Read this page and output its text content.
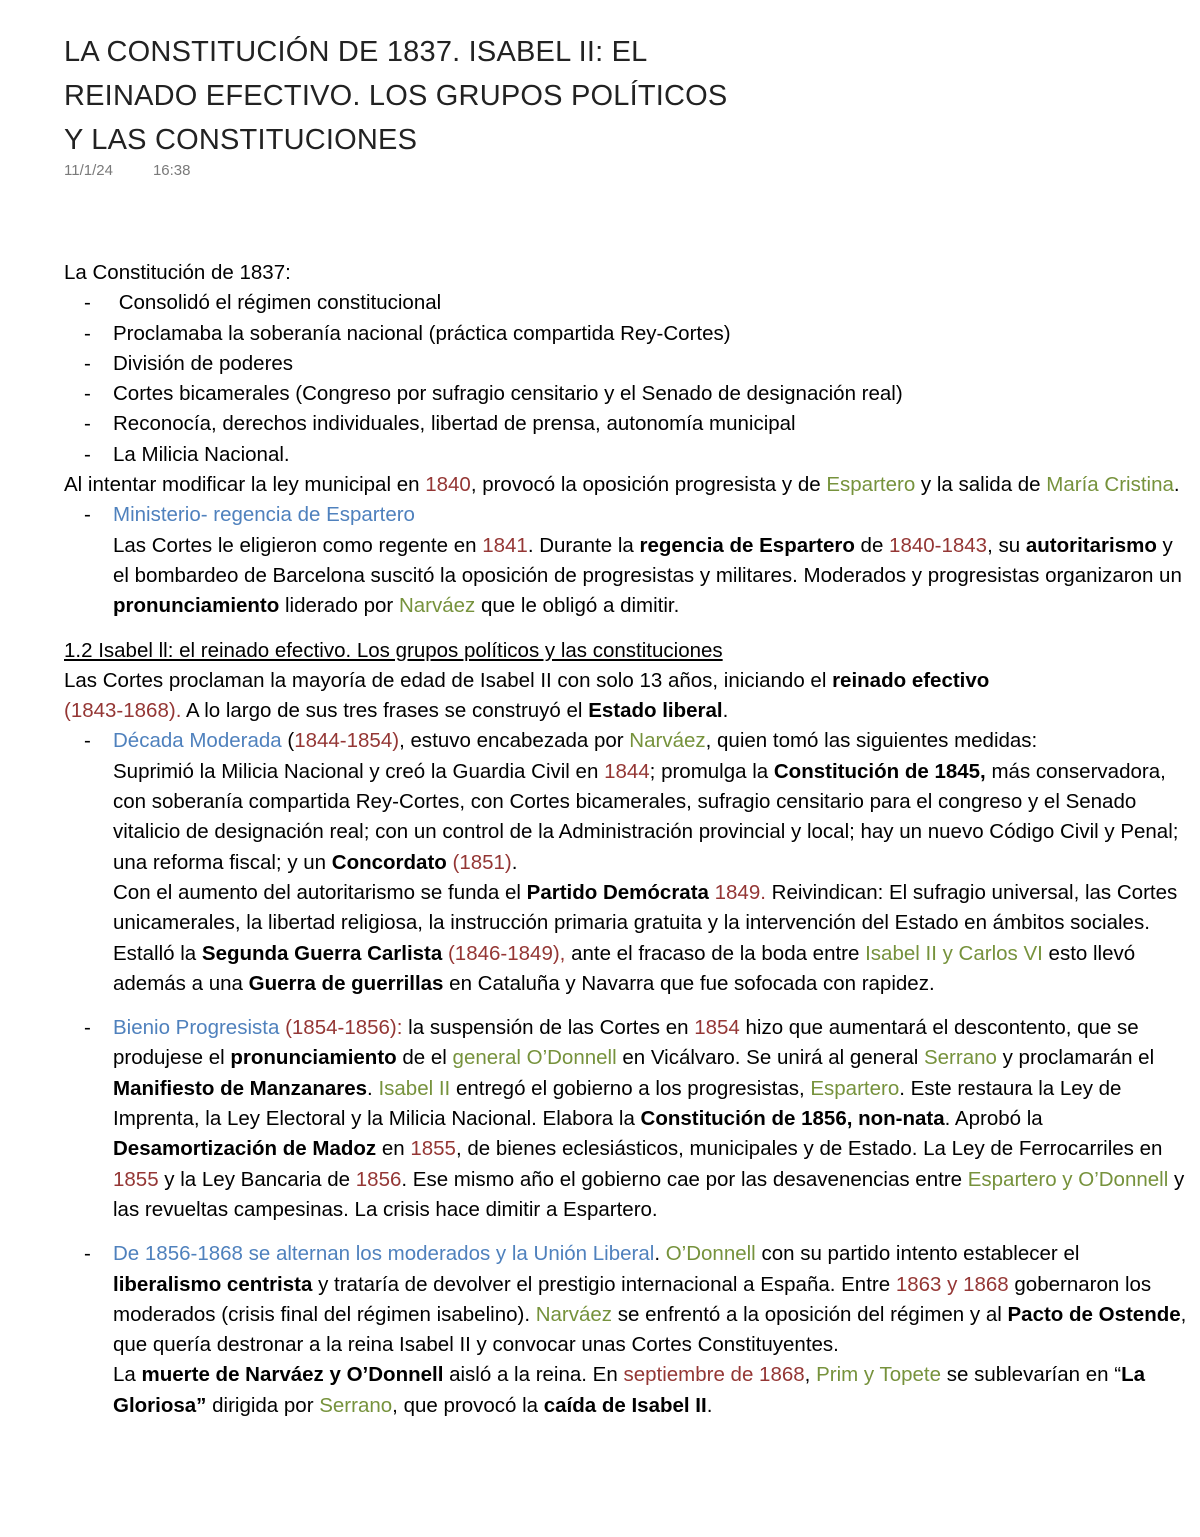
LA CONSTITUCIÓN DE 1837. ISABEL II: EL
REINADO EFECTIVO. LOS GRUPOS POLÍTICOS
Y LAS CONSTITUCIONES
11/1/24	16:38

La Constitución de 1837:

- Consolidó el régimen constitucional
- Proclamaba la soberanía nacional (práctica compartida Rey-Cortes)
- División de poderes
- Cortes bicamerales (Congreso por sufragio censitario y el Senado de designación real)
- Reconocía, derechos individuales, libertad de prensa, autonomía municipal
- La Milicia Nacional.

Al intentar modificar la ley municipal en 1840, provocó la oposición progresista y de Espartero y la salida de María Cristina.

- Ministerio- regencia de Espartero
Las Cortes le eligieron como regente en 1841. Durante la regencia de Espartero de 1840-1843, su autoritarismo y el bombardeo de Barcelona suscitó la oposición de progresistas y militares. Moderados y progresistas organizaron un pronunciamiento liderado por Narváez que le obligó a dimitir.

1.2 Isabel ll: el reinado efectivo. Los grupos políticos y las constituciones

Las Cortes proclaman la mayoría de edad de Isabel II con solo 13 años, iniciando el reinado efectivo
(1843-1868). A lo largo de sus tres frases se construyó el Estado liberal.

- Década Moderada (1844-1854), estuvo encabezada por Narváez, quien tomó las siguientes medidas:
Suprimió la Milicia Nacional y creó la Guardia Civil en 1844; promulga la Constitución de 1845, más conservadora, con soberanía compartida Rey-Cortes, con Cortes bicamerales, sufragio censitario para el congreso y el Senado vitalicio de designación real; con un control de la Administración provincial y local; hay un nuevo Código Civil y Penal; una reforma fiscal; y un Concordato (1851).
Con el aumento del autoritarismo se funda el Partido Demócrata 1849. Reivindican: El sufragio universal, las Cortes unicamerales, la libertad religiosa, la instrucción primaria gratuita y la intervención del Estado en ámbitos sociales.
Estalló la Segunda Guerra Carlista (1846-1849), ante el fracaso de la boda entre Isabel II y Carlos VI esto llevó además a una Guerra de guerrillas en Cataluña y Navarra que fue sofocada con rapidez.
- Bienio Progresista (1854-1856): la suspensión de las Cortes en 1854 hizo que aumentará el descontento, que se produjese el pronunciamiento de el general O’Donnell en Vicálvaro. Se unirá al general Serrano y proclamarán el Manifiesto de Manzanares. Isabel II entregó el gobierno a los progresistas, Espartero. Este restaura la Ley de Imprenta, la Ley Electoral y la Milicia Nacional. Elabora la Constitución de 1856, non-nata. Aprobó la Desamortización de Madoz en 1855, de bienes eclesiásticos, municipales y de Estado. La Ley de Ferrocarriles en 1855 y la Ley Bancaria de 1856. Ese mismo año el gobierno cae por las desavenencias entre Espartero y O’Donnell y las revueltas campesinas. La crisis hace dimitir a Espartero.
- De 1856-1868 se alternan los moderados y la Unión Liberal. O’Donnell con su partido intento establecer el liberalismo centrista y trataría de devolver el prestigio internacional a España. Entre 1863 y 1868 gobernaron los moderados (crisis final del régimen isabelino). Narváez se enfrentó a la oposición del régimen y al Pacto de Ostende, que quería destronar a la reina Isabel II y convocar unas Cortes Constituyentes.
La muerte de Narváez y O’Donnell aisló a la reina. En septiembre de 1868, Prim y Topete se sublevarían en “La Gloriosa” dirigida por Serrano, que provocó la caída de Isabel II.
